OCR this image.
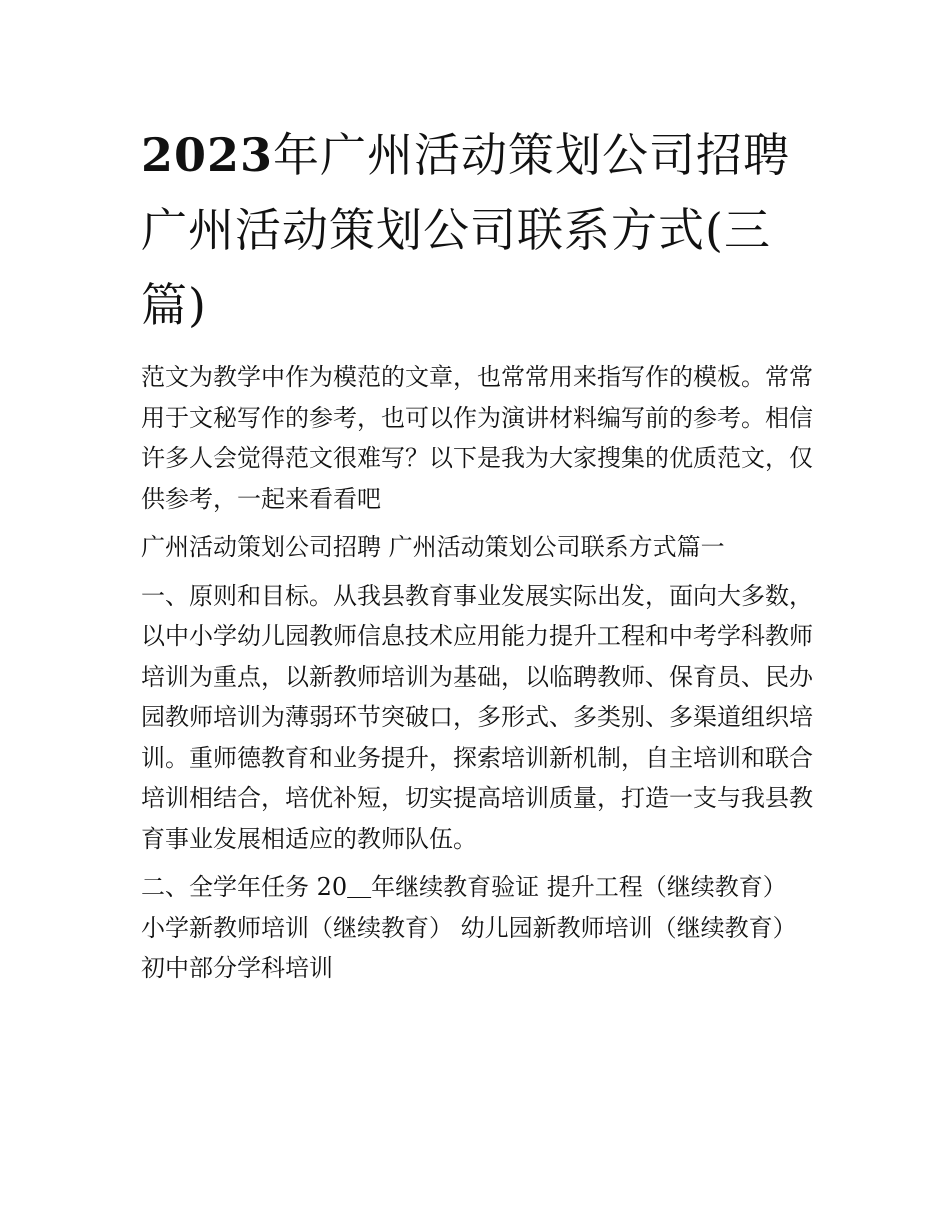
2023年广州活动策划公司招聘 广州活动策划公司联系方式(三篇)

范文为教学中作为模范的文章，也常常用来指写作的模板。常常用于文秘写作的参考，也可以作为演讲材料编写前的参考。相信许多人会觉得范文很难写？以下是我为大家搜集的优质范文，仅供参考，一起来看看吧

广州活动策划公司招聘 广州活动策划公司联系方式篇一

一、原则和目标。从我县教育事业发展实际出发，面向大多数，以中小学幼儿园教师信息技术应用能力提升工程和中考学科教师培训为重点，以新教师培训为基础，以临聘教师、保育员、民办园教师培训为薄弱环节突破口，多形式、多类别、多渠道组织培训。重师德教育和业务提升，探索培训新机制，自主培训和联合培训相结合，培优补短，切实提高培训质量，打造一支与我县教育事业发展相适应的教师队伍。

二、全学年任务 20＿年继续教育验证 提升工程（继续教育） 小学新教师培训（继续教育） 幼儿园新教师培训（继续教育） 初中部分学科培训
